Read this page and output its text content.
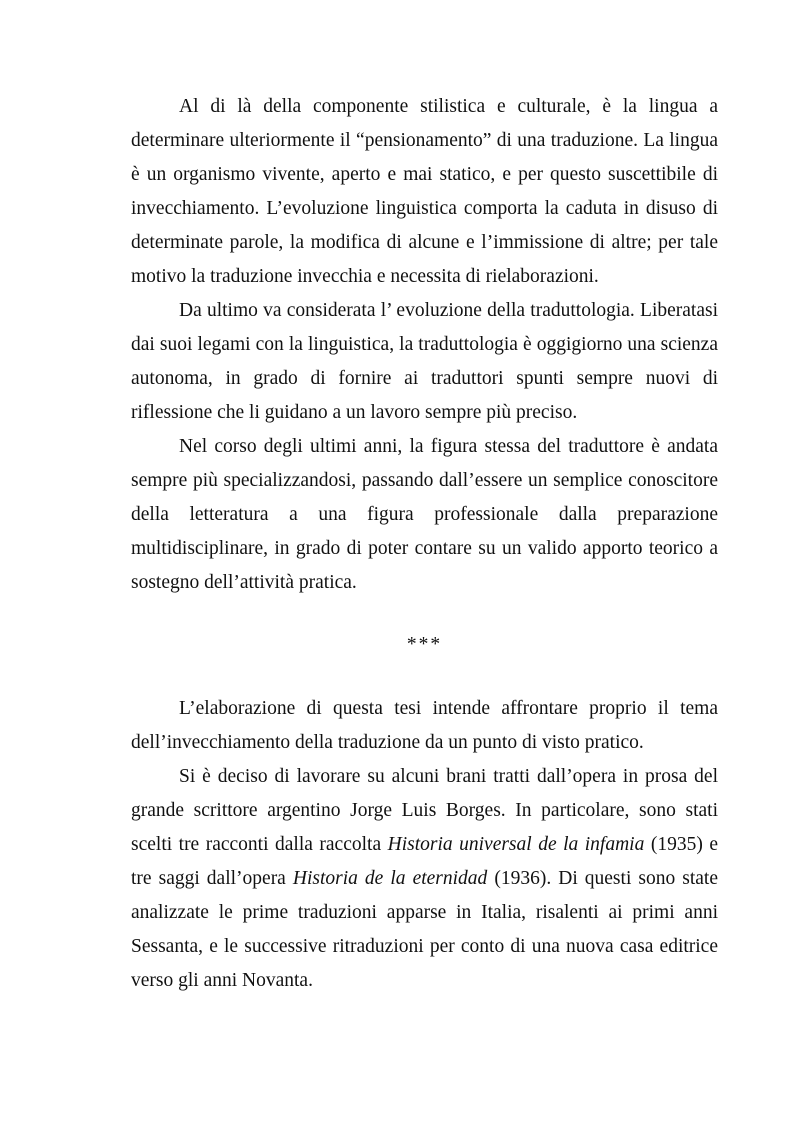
Al di là della componente stilistica e culturale, è la lingua a determinare ulteriormente il “pensionamento” di una traduzione. La lingua è un organismo vivente, aperto e mai statico, e per questo suscettibile di invecchiamento. L’evoluzione linguistica comporta la caduta in disuso di determinate parole, la modifica di alcune e l’immissione di altre; per tale motivo la traduzione invecchia e necessita di rielaborazioni.

Da ultimo va considerata l’ evoluzione della traduttologia. Liberatasi dai suoi legami con la linguistica, la traduttologia è oggigiorno una scienza autonoma, in grado di fornire ai traduttori spunti sempre nuovi di riflessione che li guidano a un lavoro sempre più preciso.

Nel corso degli ultimi anni, la figura stessa del traduttore è andata sempre più specializzandosi, passando dall’essere un semplice conoscitore della letteratura a una figura professionale dalla preparazione multidisciplinare, in grado di poter contare su un valido apporto teorico a sostegno dell’attività pratica.

***

L’elaborazione di questa tesi intende affrontare proprio il tema dell’invecchiamento della traduzione da un punto di visto pratico.

Si è deciso di lavorare su alcuni brani tratti dall’opera in prosa del grande scrittore argentino Jorge Luis Borges. In particolare, sono stati scelti tre racconti dalla raccolta Historia universal de la infamia (1935) e tre saggi dall’opera Historia de la eternidad (1936). Di questi sono state analizzate le prime traduzioni apparse in Italia, risalenti ai primi anni Sessanta, e le successive ritraduzioni per conto di una nuova casa editrice verso gli anni Novanta.
